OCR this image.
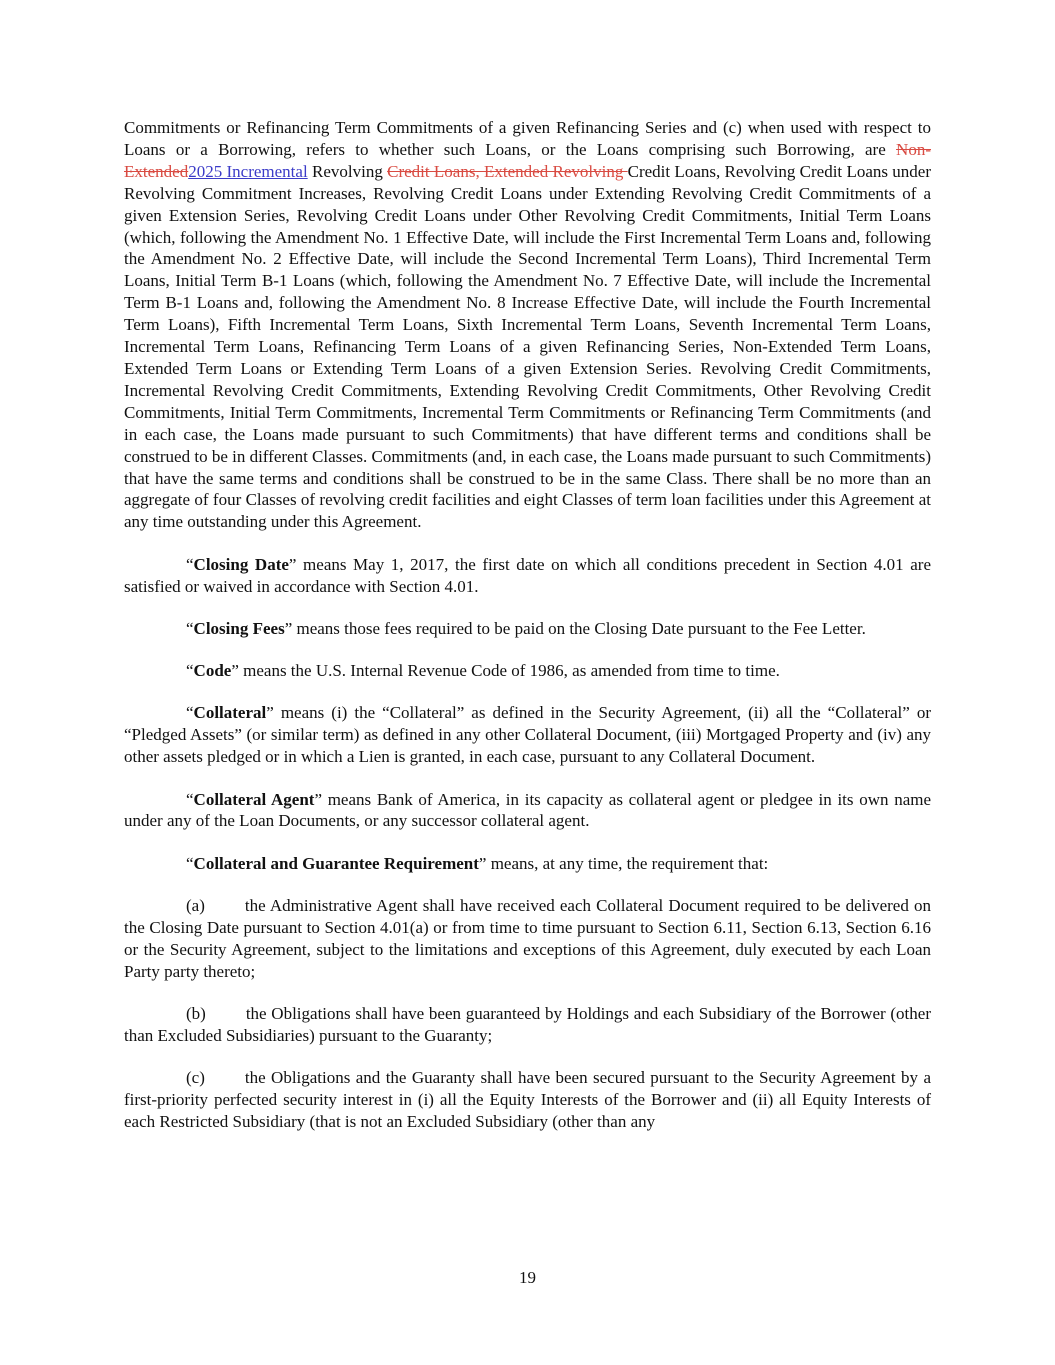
Commitments or Refinancing Term Commitments of a given Refinancing Series and (c) when used with respect to Loans or a Borrowing, refers to whether such Loans, or the Loans comprising such Borrowing, are Non-Extended2025 Incremental Revolving Credit Loans, Extended Revolving Credit Loans, Revolving Credit Loans under Revolving Commitment Increases, Revolving Credit Loans under Extending Revolving Credit Commitments of a given Extension Series, Revolving Credit Loans under Other Revolving Credit Commitments, Initial Term Loans (which, following the Amendment No. 1 Effective Date, will include the First Incremental Term Loans and, following the Amendment No. 2 Effective Date, will include the Second Incremental Term Loans), Third Incremental Term Loans, Initial Term B-1 Loans (which, following the Amendment No. 7 Effective Date, will include the Incremental Term B-1 Loans and, following the Amendment No. 8 Increase Effective Date, will include the Fourth Incremental Term Loans), Fifth Incremental Term Loans, Sixth Incremental Term Loans, Seventh Incremental Term Loans, Incremental Term Loans, Refinancing Term Loans of a given Refinancing Series, Non-Extended Term Loans, Extended Term Loans or Extending Term Loans of a given Extension Series. Revolving Credit Commitments, Incremental Revolving Credit Commitments, Extending Revolving Credit Commitments, Other Revolving Credit Commitments, Initial Term Commitments, Incremental Term Commitments or Refinancing Term Commitments (and in each case, the Loans made pursuant to such Commitments) that have different terms and conditions shall be construed to be in different Classes. Commitments (and, in each case, the Loans made pursuant to such Commitments) that have the same terms and conditions shall be construed to be in the same Class. There shall be no more than an aggregate of four Classes of revolving credit facilities and eight Classes of term loan facilities under this Agreement at any time outstanding under this Agreement.

“Closing Date” means May 1, 2017, the first date on which all conditions precedent in Section 4.01 are satisfied or waived in accordance with Section 4.01.

“Closing Fees” means those fees required to be paid on the Closing Date pursuant to the Fee Letter.

“Code” means the U.S. Internal Revenue Code of 1986, as amended from time to time.

“Collateral” means (i) the “Collateral” as defined in the Security Agreement, (ii) all the “Collateral” or “Pledged Assets” (or similar term) as defined in any other Collateral Document, (iii) Mortgaged Property and (iv) any other assets pledged or in which a Lien is granted, in each case, pursuant to any Collateral Document.

“Collateral Agent” means Bank of America, in its capacity as collateral agent or pledgee in its own name under any of the Loan Documents, or any successor collateral agent.

“Collateral and Guarantee Requirement” means, at any time, the requirement that:

(a) the Administrative Agent shall have received each Collateral Document required to be delivered on the Closing Date pursuant to Section 4.01(a) or from time to time pursuant to Section 6.11, Section 6.13, Section 6.16 or the Security Agreement, subject to the limitations and exceptions of this Agreement, duly executed by each Loan Party party thereto;

(b) the Obligations shall have been guaranteed by Holdings and each Subsidiary of the Borrower (other than Excluded Subsidiaries) pursuant to the Guaranty;

(c) the Obligations and the Guaranty shall have been secured pursuant to the Security Agreement by a first-priority perfected security interest in (i) all the Equity Interests of the Borrower and (ii) all Equity Interests of each Restricted Subsidiary (that is not an Excluded Subsidiary (other than any

19
